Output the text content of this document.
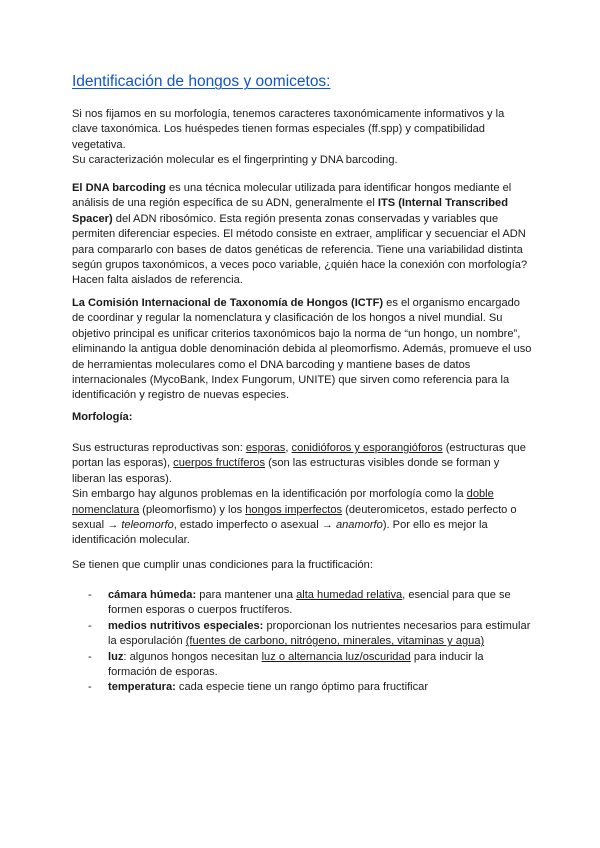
Identificación de hongos y oomicetos:
Si nos fijamos en su morfología, tenemos caracteres taxonómicamente informativos y la clave taxonómica. Los huéspedes tienen formas especiales (ff.spp) y compatibilidad vegetativa.
Su caracterización molecular es el fingerprinting y DNA barcoding.

El DNA barcoding es una técnica molecular utilizada para identificar hongos mediante el análisis de una región específica de su ADN, generalmente el ITS (Internal Transcribed Spacer) del ADN ribosómico. Esta región presenta zonas conservadas y variables que permiten diferenciar especies. El método consiste en extraer, amplificar y secuenciar el ADN para compararlo con bases de datos genéticas de referencia. Tiene una variabilidad distinta según grupos taxonómicos, a veces poco variable, ¿quién hace la conexión con morfología? Hacen falta aislados de referencia.

La Comisión Internacional de Taxonomía de Hongos (ICTF) es el organismo encargado de coordinar y regular la nomenclatura y clasificación de los hongos a nivel mundial. Su objetivo principal es unificar criterios taxonómicos bajo la norma de “un hongo, un nombre”, eliminando la antigua doble denominación debida al pleomorfismo. Además, promueve el uso de herramientas moleculares como el DNA barcoding y mantiene bases de datos internacionales (MycoBank, Index Fungorum, UNITE) que sirven como referencia para la identificación y registro de nuevas especies.

Morfología:
Sus estructuras reproductivas son: esporas, conidióforos y esporangióforos (estructuras que portan las esporas), cuerpos fructíferos (son las estructuras visibles donde se forman y liberan las esporas).
Sin embargo hay algunos problemas en la identificación por morfología como la doble nomenclatura (pleomorfismo) y los hongos imperfectos (deuteromicetos, estado perfecto o sexual → teleomorfo, estado imperfecto o asexual → anamorfo). Por ello es mejor la identificación molecular.

Se tienen que cumplir unas condiciones para la fructificación:

- cámara húmeda: para mantener una alta humedad relativa, esencial para que se formen esporas o cuerpos fructíferos.
- medios nutritivos especiales: proporcionan los nutrientes necesarios para estimular la esporulación (fuentes de carbono, nitrógeno, minerales, vitaminas y agua)
- luz: algunos hongos necesitan luz o alternancia luz/oscuridad para inducir la formación de esporas.
- temperatura: cada especie tiene un rango óptimo para fructificar
